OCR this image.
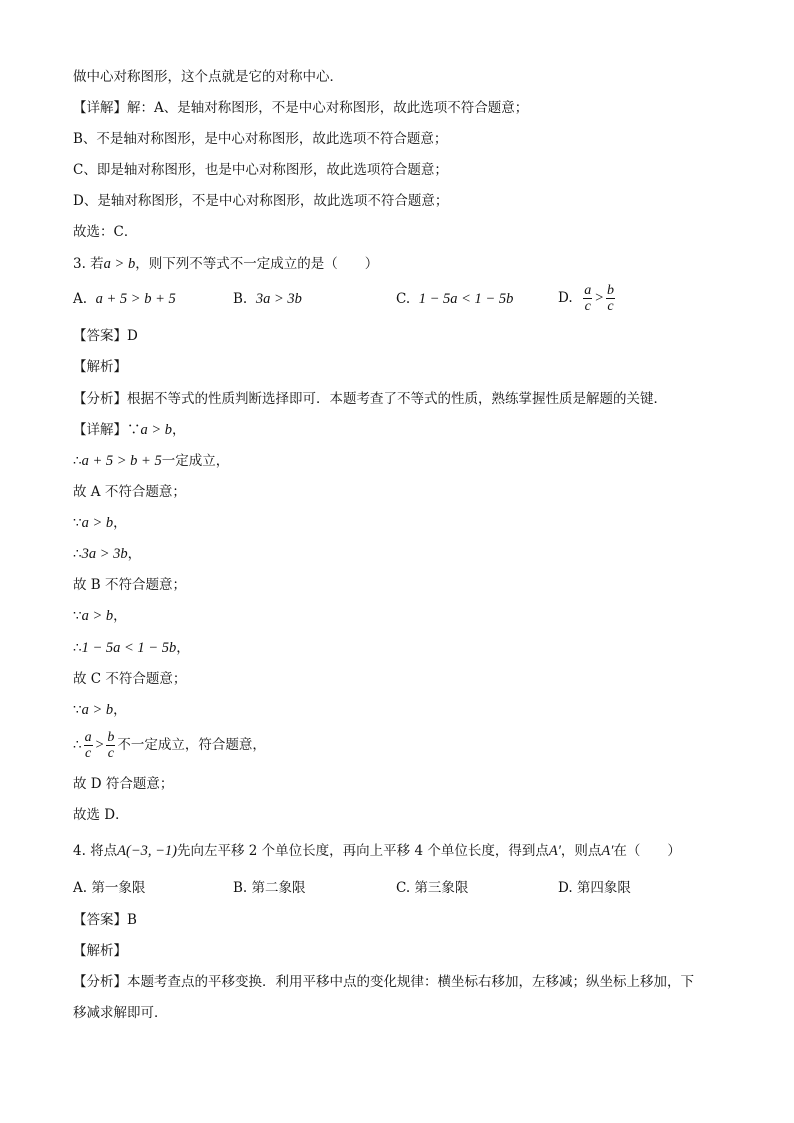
做中心对称图形，这个点就是它的对称中心．
【详解】解：A、是轴对称图形，不是中心对称图形，故此选项不符合题意；
B、不是轴对称图形，是中心对称图形，故此选项不符合题意；
C、即是轴对称图形，也是中心对称图形，故此选项符合题意；
D、是轴对称图形，不是中心对称图形，故此选项不符合题意；
故选：C．
3. 若a > b，则下列不等式不一定成立的是（　　）
A. a + 5 > b + 5	B. 3a > 3b	C. 1 − 5a < 1 − 5b	D. $\frac{a}{c} > \frac{b}{c}$
【答案】D
【解析】
【分析】根据不等式的性质判断选择即可．本题考查了不等式的性质，熟练掌握性质是解题的关键．
【详解】∵a > b，
∴a + 5 > b + 5一定成立，
故 A 不符合题意；
∵a > b，
∴3a > 3b，
故 B 不符合题意；
∵a > b，
∴1 − 5a < 1 − 5b，
故 C 不符合题意；
∵a > b，
∴ $\frac{a}{c} > \frac{b}{c}$ 不一定成立，符合题意，
故 D 符合题意；
故选 D．
4. 将点A(−3, −1)先向左平移 2 个单位长度，再向上平移 4 个单位长度，得到点A′，则点A′在（　　）
A. 第一象限	B. 第二象限	C. 第三象限	D. 第四象限
【答案】B
【解析】
【分析】本题考查点的平移变换．利用平移中点的变化规律：横坐标右移加，左移减；纵坐标上移加，下
移减求解即可．
